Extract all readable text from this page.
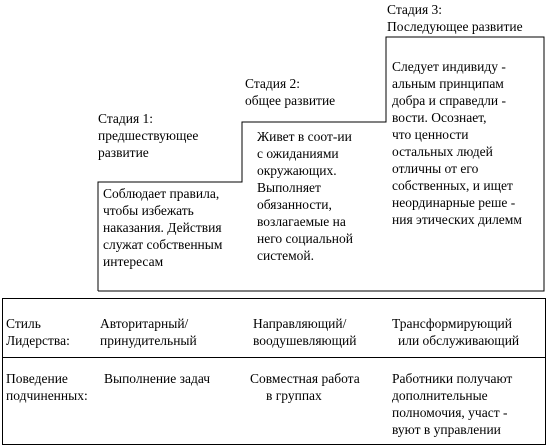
Стадия 1:
предшествующее
развитие
Стадия 2:
общее развитие
Стадия 3:
Последующее развитие
Соблюдает правила,
чтобы избежать
наказания. Действия
служат собственным
интересам
Живет в соот-ии
с ожиданиями
окружающих.
Выполняет
обязанности,
возлагаемые на
него социальной
системой.
Следует индивиду -
альным принципам
добра и справедли -
вости. Осознает,
что ценности
остальных людей
отличны от его
собственных, и ищет
неординарные реше -
ния этических дилемм
Стиль
Лидерства:
Авторитарный/
принудительный
Направляющий/
воодушевляющий
Трансформирующий
или обслуживающий
Поведение
подчиненных:
Выполнение задач	Совместная работа
в группах
Работники получают
дополнительные
полномочия, участ -
вуют в управлении
